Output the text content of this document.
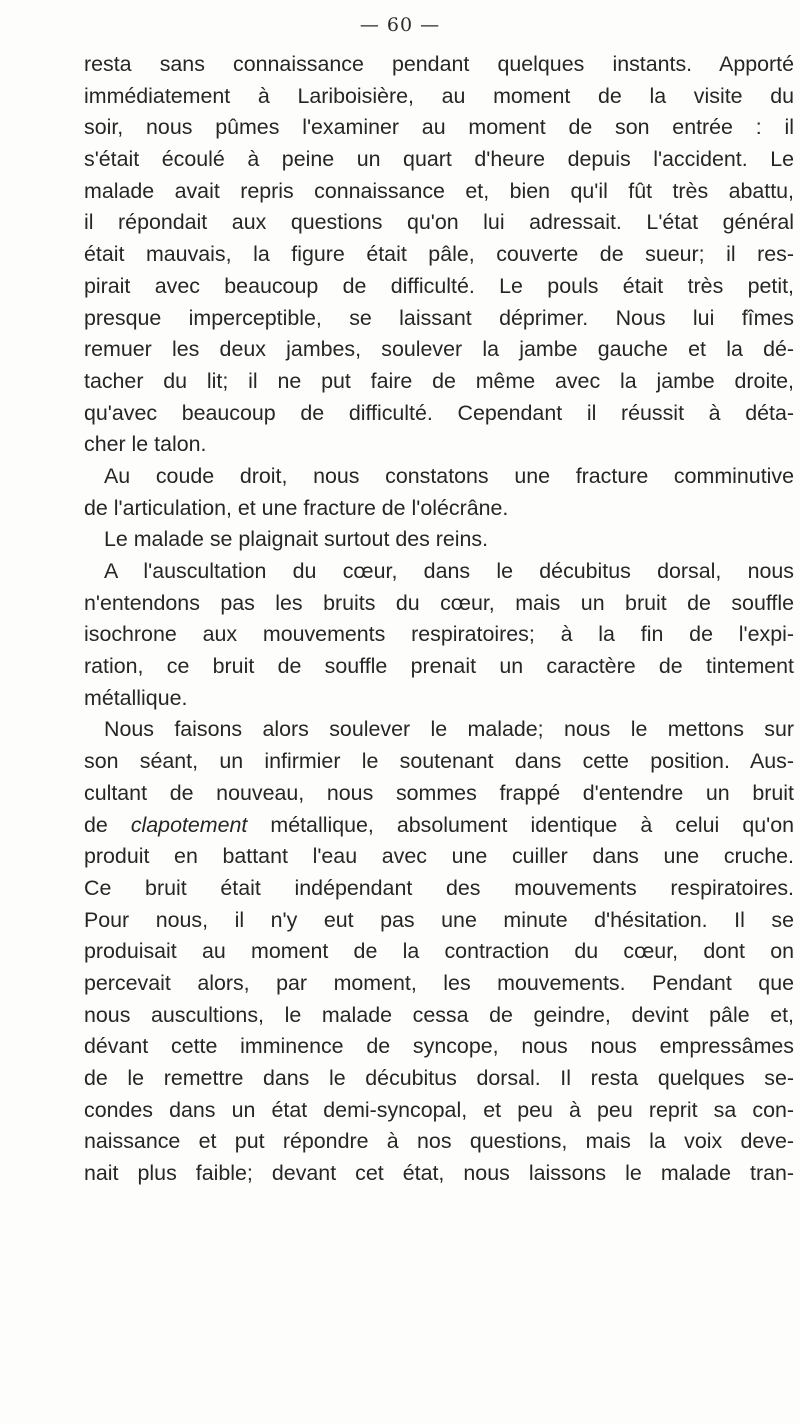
— 60 —
resta sans connaissance pendant quelques instants. Apporté
immédiatement à Lariboisière, au moment de la visite du
soir, nous pûmes l'examiner au moment de son entrée : il
s'était écoulé à peine un quart d'heure depuis l'accident. Le
malade avait repris connaissance et, bien qu'il fût très abattu,
il répondait aux questions qu'on lui adressait. L'état général
était mauvais, la figure était pâle, couverte de sueur; il res-
pirait avec beaucoup de difficulté. Le pouls était très petit,
presque imperceptible, se laissant déprimer. Nous lui fîmes
remuer les deux jambes, soulever la jambe gauche et la dé-
tacher du lit; il ne put faire de même avec la jambe droite,
qu'avec beaucoup de difficulté. Cependant il réussit à déta-
cher le talon.
Au coude droit, nous constatons une fracture comminutive
de l'articulation, et une fracture de l'olécrâne.
Le malade se plaignait surtout des reins.
A l'auscultation du cœur, dans le décubitus dorsal, nous
n'entendons pas les bruits du cœur, mais un bruit de souffle
isochrone aux mouvements respiratoires; à la fin de l'expi-
ration, ce bruit de souffle prenait un caractère de tintement
métallique.
Nous faisons alors soulever le malade; nous le mettons sur
son séant, un infirmier le soutenant dans cette position. Aus-
cultant de nouveau, nous sommes frappé d'entendre un bruit
de clapotement métallique, absolument identique à celui qu'on
produit en battant l'eau avec une cuiller dans une cruche.
Ce bruit était indépendant des mouvements respiratoires.
Pour nous, il n'y eut pas une minute d'hésitation. Il se
produisait au moment de la contraction du cœur, dont on
percevait alors, par moment, les mouvements. Pendant que
nous auscultions, le malade cessa de geindre, devint pâle et,
dévant cette imminence de syncope, nous nous empressâmes
de le remettre dans le décubitus dorsal. Il resta quelques se-
condes dans un état demi-syncopal, et peu à peu reprit sa con-
naissance et put répondre à nos questions, mais la voix deve-
nait plus faible; devant cet état, nous laissons le malade tran-
